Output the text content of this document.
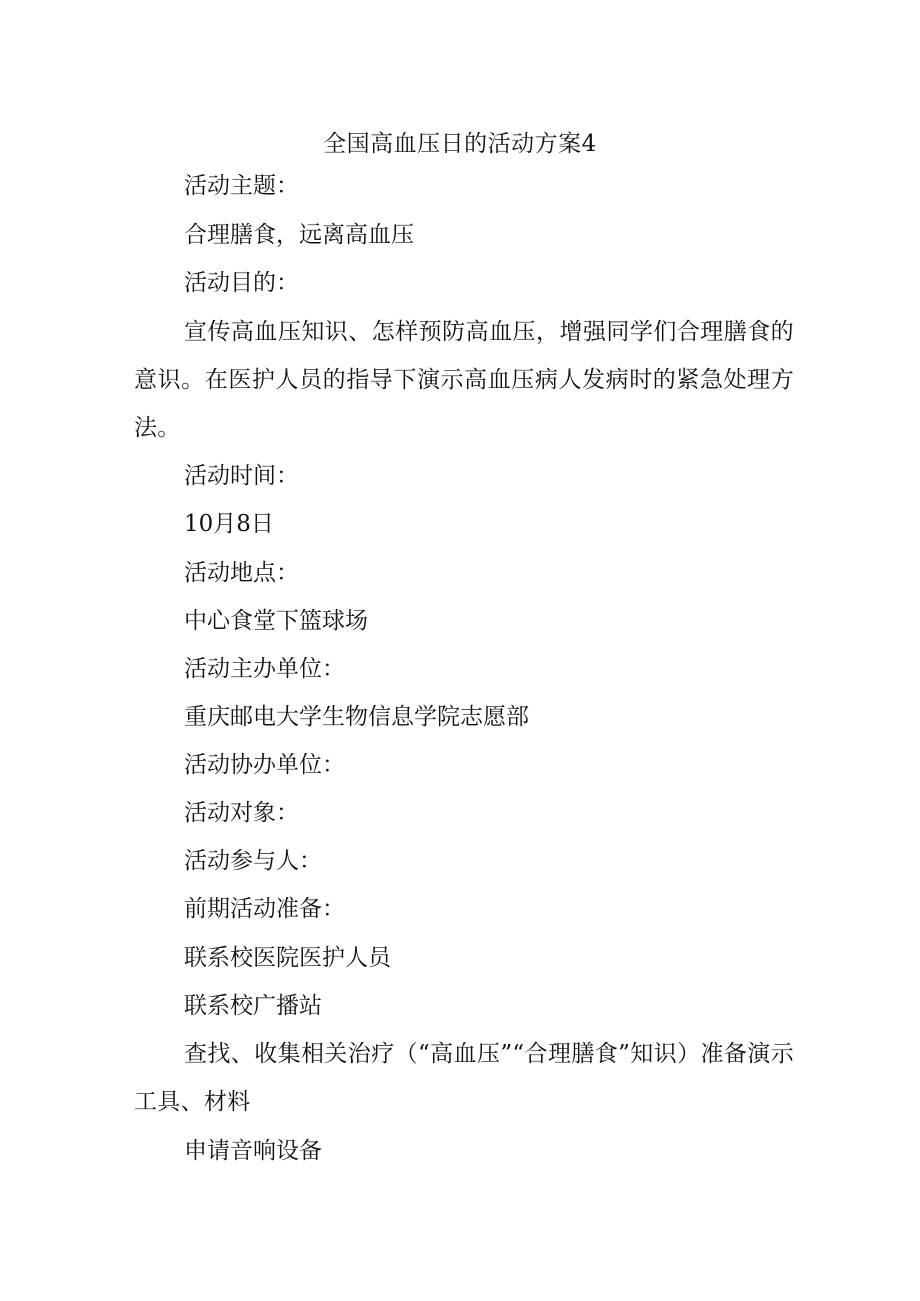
全国高血压日的活动方案4
活动主题：
合理膳食，远离高血压
活动目的：
宣传高血压知识、怎样预防高血压，增强同学们合理膳食的意识。在医护人员的指导下演示高血压病人发病时的紧急处理方法。
活动时间：
10月8日
活动地点：
中心食堂下篮球场
活动主办单位：
重庆邮电大学生物信息学院志愿部
活动协办单位：
活动对象：
活动参与人：
前期活动准备：
联系校医院医护人员
联系校广播站
查找、收集相关治疗（“高血压”“合理膳食”知识）准备演示工具、材料
申请音响设备
